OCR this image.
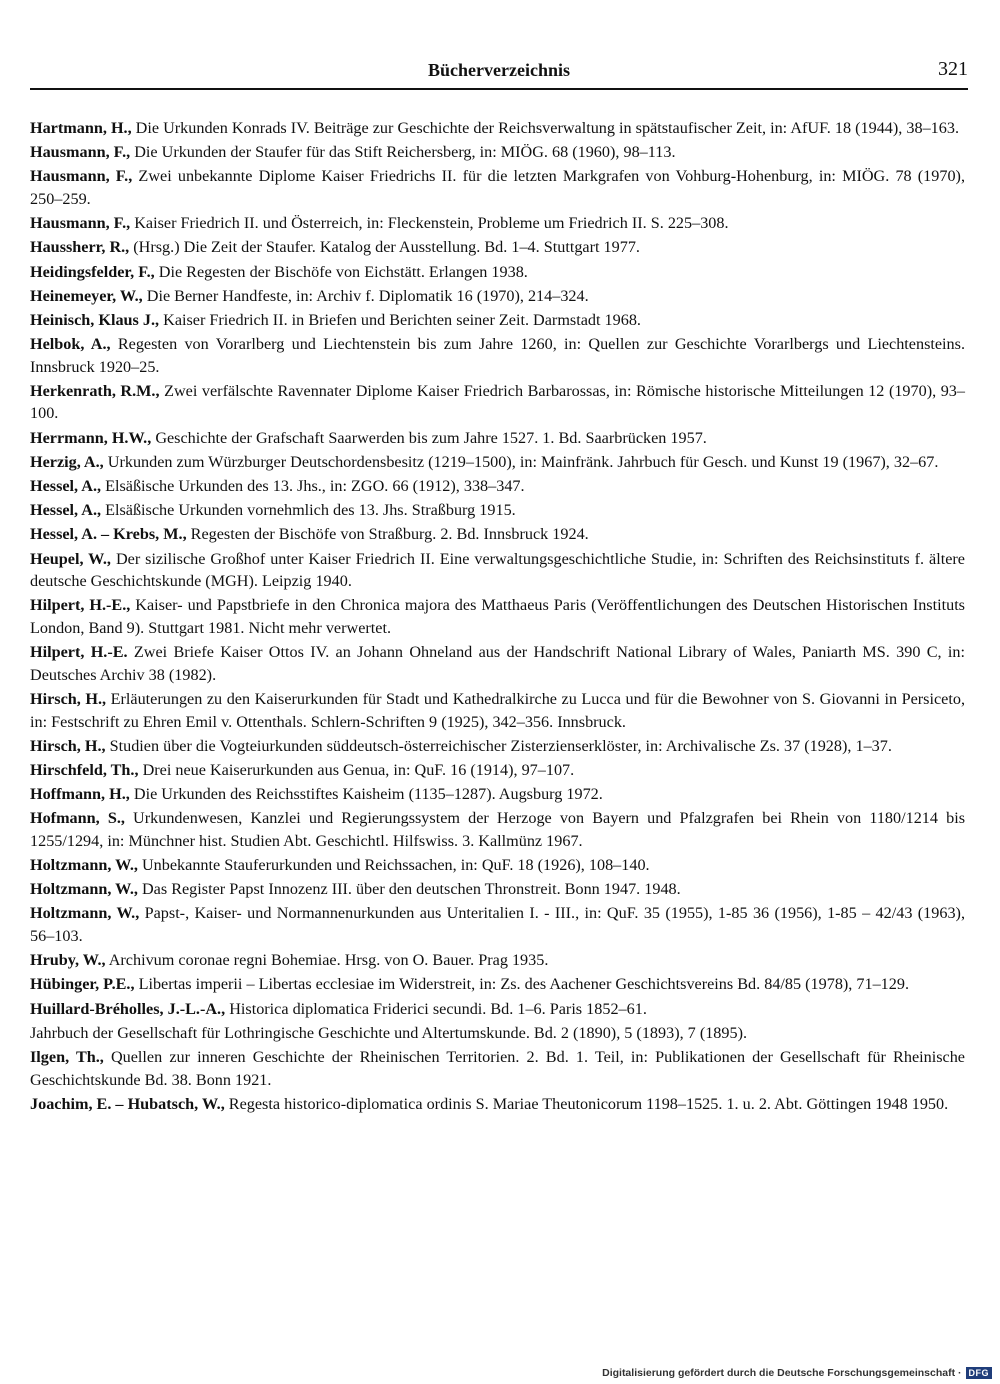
Bücherverzeichnis	321
Hartmann, H., Die Urkunden Konrads IV. Beiträge zur Geschichte der Reichsverwaltung in spätstaufischer Zeit, in: AfUF. 18 (1944), 38–163.
Hausmann, F., Die Urkunden der Staufer für das Stift Reichersberg, in: MIÖG. 68 (1960), 98–113.
Hausmann, F., Zwei unbekannte Diplome Kaiser Friedrichs II. für die letzten Markgrafen von Vohburg-Hohenburg, in: MIÖG. 78 (1970), 250–259.
Hausmann, F., Kaiser Friedrich II. und Österreich, in: Fleckenstein, Probleme um Friedrich II. S. 225–308.
Haussherr, R., (Hrsg.) Die Zeit der Staufer. Katalog der Ausstellung. Bd. 1–4. Stuttgart 1977.
Heidingsfelder, F., Die Regesten der Bischöfe von Eichstätt. Erlangen 1938.
Heinemeyer, W., Die Berner Handfeste, in: Archiv f. Diplomatik 16 (1970), 214–324.
Heinisch, Klaus J., Kaiser Friedrich II. in Briefen und Berichten seiner Zeit. Darmstadt 1968.
Helbok, A., Regesten von Vorarlberg und Liechtenstein bis zum Jahre 1260, in: Quellen zur Geschichte Vorarlbergs und Liechtensteins. Innsbruck 1920–25.
Herkenrath, R.M., Zwei verfälschte Ravennater Diplome Kaiser Friedrich Barbarossas, in: Römische historische Mitteilungen 12 (1970), 93–100.
Herrmann, H.W., Geschichte der Grafschaft Saarwerden bis zum Jahre 1527. 1. Bd. Saarbrücken 1957.
Herzig, A., Urkunden zum Würzburger Deutschordensbesitz (1219–1500), in: Mainfränk. Jahrbuch für Gesch. und Kunst 19 (1967), 32–67.
Hessel, A., Elsäßische Urkunden des 13. Jhs., in: ZGO. 66 (1912), 338–347.
Hessel, A., Elsäßische Urkunden vornehmlich des 13. Jhs. Straßburg 1915.
Hessel, A. – Krebs, M., Regesten der Bischöfe von Straßburg. 2. Bd. Innsbruck 1924.
Heupel, W., Der sizilische Großhof unter Kaiser Friedrich II. Eine verwaltungsgeschichtliche Studie, in: Schriften des Reichsinstituts f. ältere deutsche Geschichtskunde (MGH). Leipzig 1940.
Hilpert, H.-E., Kaiser- und Papstbriefe in den Chronica majora des Matthaeus Paris (Veröffentlichungen des Deutschen Historischen Instituts London, Band 9). Stuttgart 1981. Nicht mehr verwertet.
Hilpert, H.-E. Zwei Briefe Kaiser Ottos IV. an Johann Ohneland aus der Handschrift National Library of Wales, Paniarth MS. 390 C, in: Deutsches Archiv 38 (1982).
Hirsch, H., Erläuterungen zu den Kaiserurkunden für Stadt und Kathedralkirche zu Lucca und für die Bewohner von S. Giovanni in Persiceto, in: Festschrift zu Ehren Emil v. Ottenthals. Schlern-Schriften 9 (1925), 342–356. Innsbruck.
Hirsch, H., Studien über die Vogteiurkunden süddeutsch-österreichischer Zisterzienserklöster, in: Archivalische Zs. 37 (1928), 1–37.
Hirschfeld, Th., Drei neue Kaiserurkunden aus Genua, in: QuF. 16 (1914), 97–107.
Hoffmann, H., Die Urkunden des Reichsstiftes Kaisheim (1135–1287). Augsburg 1972.
Hofmann, S., Urkundenwesen, Kanzlei und Regierungssystem der Herzoge von Bayern und Pfalzgrafen bei Rhein von 1180/1214 bis 1255/1294, in: Münchner hist. Studien Abt. Geschichtl. Hilfswiss. 3. Kallmünz 1967.
Holtzmann, W., Unbekannte Stauferurkunden und Reichssachen, in: QuF. 18 (1926), 108–140.
Holtzmann, W., Das Register Papst Innozenz III. über den deutschen Thronstreit. Bonn 1947. 1948.
Holtzmann, W., Papst-, Kaiser- und Normannenurkunden aus Unteritalien I. - III., in: QuF. 35 (1955), 1-85 36 (1956), 1-85 – 42/43 (1963), 56–103.
Hruby, W., Archivum coronae regni Bohemiae. Hrsg. von O. Bauer. Prag 1935.
Hübinger, P.E., Libertas imperii – Libertas ecclesiae im Widerstreit, in: Zs. des Aachener Geschichtsvereins Bd. 84/85 (1978), 71–129.
Huillard-Bréholles, J.-L.-A., Historica diplomatica Friderici secundi. Bd. 1–6. Paris 1852–61.
Jahrbuch der Gesellschaft für Lothringische Geschichte und Altertumskunde. Bd. 2 (1890), 5 (1893), 7 (1895).
Ilgen, Th., Quellen zur inneren Geschichte der Rheinischen Territorien. 2. Bd. 1. Teil, in: Publikationen der Gesellschaft für Rheinische Geschichtskunde Bd. 38. Bonn 1921.
Joachim, E. – Hubatsch, W., Regesta historico-diplomatica ordinis S. Mariae Theutonicorum 1198–1525. 1. u. 2. Abt. Göttingen 1948 1950.
Digitalisierung gefördert durch die Deutsche Forschungsgemeinschaft · DFG
